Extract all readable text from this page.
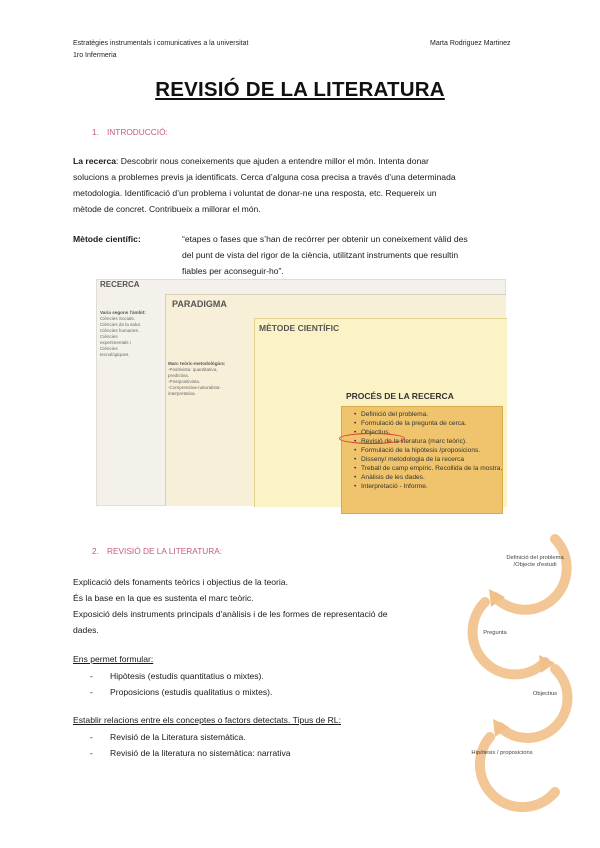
Estratègies instrumentals i comunicatives a la universitat
1ro Infermeria
Marta Rodriguez Martinez
REVISIÓ DE LA LITERATURA
1. INTRODUCCIÓ:
La recerca: Descobrir nous coneixements que ajuden a entendre millor el món. Intenta donar
solucions a problemes previs ja identificats. Cerca d’alguna cosa precisa a través d’una determinada
metodologia. Identificació d’un problema i voluntat de donar-ne una resposta, etc. Requereix un
mètode de concret. Contribueix a millorar el món.
Mètode científic:	“etapes o fases que s’han de recórrer per obtenir un coneixement vàlid des
del punt de vista del rigor de la ciència, utilitzant instruments que resultin
fiables per aconseguir-ho”.
RECERCA
Varia segons l'àmbit:
Ciències Socials.
Ciències de la salut.
Ciències humanes.
Ciències
experimentals i
Ciències
tecnològiques.
PARADIGMA
Marc teòric-metodològics:
-Positivista: quantitativa,
predictiva.
-Postpositivista.
-Comprensiva-naturalista-
interpretativa.
MÈTODE CIENTÍFIC
PROCÉS DE LA RECERCA
• Definició del problema.
• Formulació de la pregunta de cerca.
• Objectius.
• Revisió de la literatura (marc teòric).
• Formulació de la hipòtesis /proposicions.
• Disseny/ metodologia de la recerca
• Treball de camp empíric. Recollida de la mostra.
• Anàlisis de les dades.
• Interpretació - Informe.
2. REVISIÓ DE LA LITERATURA:
Explicació dels fonaments teòrics i objectius de la teoria.
És la base en la que es sustenta el marc teòric.
Exposició dels instruments principals d'anàlisis i de les formes de representació de
dades.
Ens permet formular:
- Hipòtesis (estudis quantitatius o mixtes).
- Proposicions (estudis qualitatius o mixtes).
Establir relacions entre els conceptes o factors detectats. Tipus de RL:
- Revisió de la Literatura sistemàtica.
- Revisió de la literatura no sistemàtica: narrativa
Definició del problema /Objecte d'estudi
Pregunta
Objectius
Hipòtesis / proposicions
